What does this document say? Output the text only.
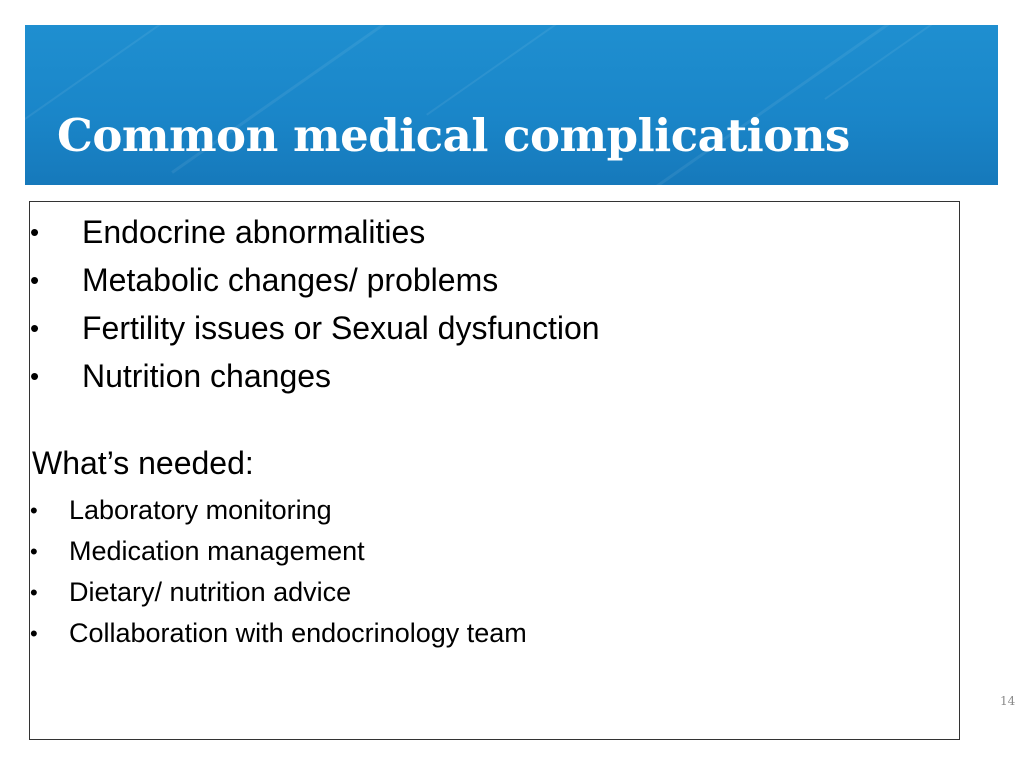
Common medical complications
• Endocrine abnormalities
• Metabolic changes/ problems
• Fertility issues or Sexual dysfunction
• Nutrition changes
What’s needed:
• Laboratory monitoring
• Medication management
• Dietary/ nutrition advice
• Collaboration with endocrinology team
14
